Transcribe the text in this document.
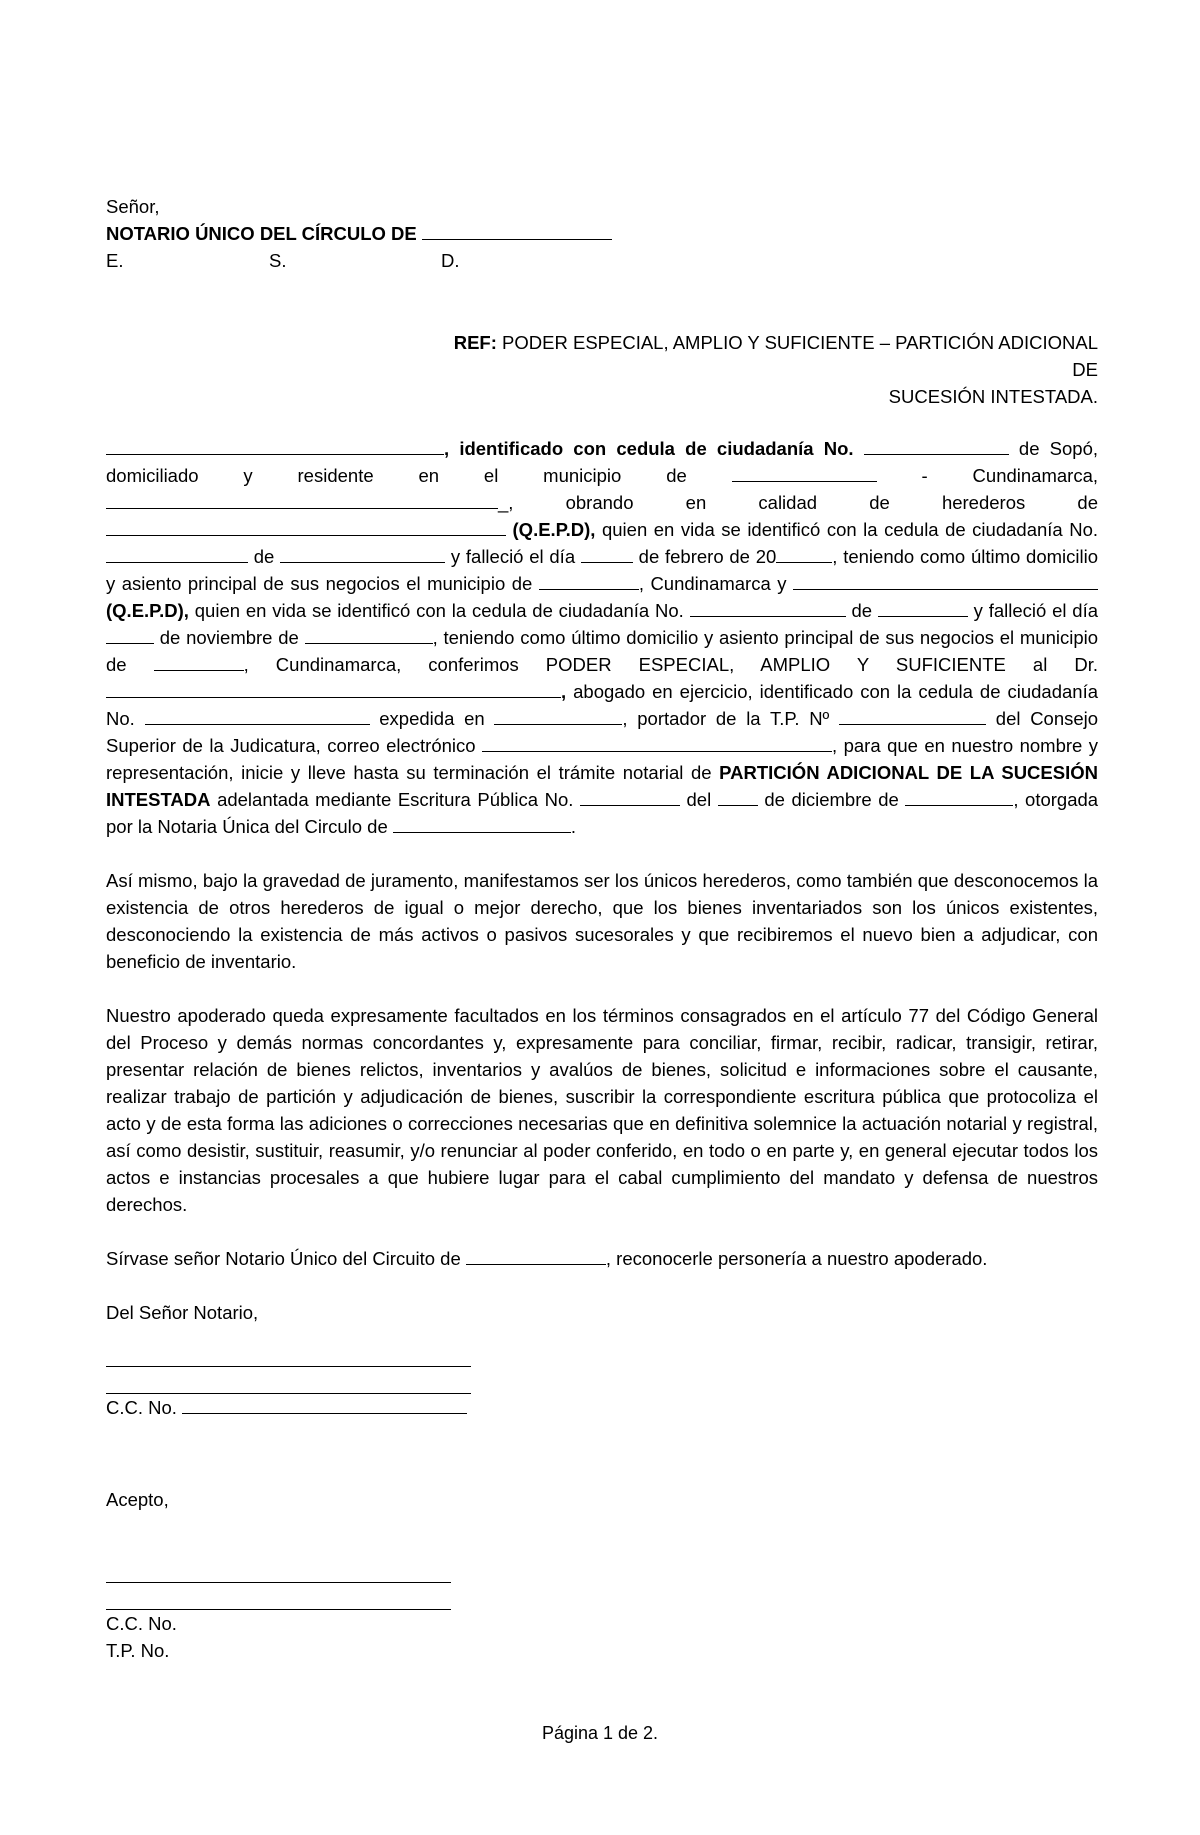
Señor,
NOTARIO ÚNICO DEL CÍRCULO DE
E.	S.	D.
REF: PODER ESPECIAL, AMPLIO Y SUFICIENTE – PARTICIÓN ADICIONAL DE
SUCESIÓN INTESTADA.

, identificado con cedula de ciudadanía No.	de Sopó, domiciliado y residente en el municipio de	- Cundinamarca, _, obrando en calidad de herederos de  (Q.E.P.D), quien en vida se identificó con la cedula de ciudadanía No.  de	y falleció el día	de febrero de 20	, teniendo como último domicilio y asiento principal de sus negocios el municipio de	, Cundinamarca y  (Q.E.P.D), quien en vida se identificó con la cedula de ciudadanía No.	de	y falleció el día  de noviembre de	, teniendo como último domicilio y asiento principal de sus negocios el municipio de	, Cundinamarca, conferimos PODER ESPECIAL, AMPLIO Y SUFICIENTE al Dr. , abogado en ejercicio, identificado con la cedula de ciudadanía No.	expedida en	, portador de la T.P. Nº	del Consejo Superior de la Judicatura, correo electrónico	, para que en nuestro nombre y representación, inicie y lleve hasta su terminación el trámite notarial de PARTICIÓN ADICIONAL DE LA SUCESIÓN INTESTADA adelantada mediante Escritura Pública No.	del	de diciembre de	, otorgada por la Notaria Única del Circulo de	.

Así mismo, bajo la gravedad de juramento, manifestamos ser los únicos herederos, como también que desconocemos la existencia de otros herederos de igual o mejor derecho, que los bienes inventariados son los únicos existentes, desconociendo la existencia de más activos o pasivos sucesorales y que recibiremos el nuevo bien a adjudicar, con beneficio de inventario.

Nuestro apoderado queda expresamente facultados en los términos consagrados en el artículo 77 del Código General del Proceso y demás normas concordantes y, expresamente para conciliar, firmar, recibir, radicar, transigir, retirar, presentar relación de bienes relictos, inventarios y avalúos de bienes, solicitud e informaciones sobre el causante, realizar trabajo de partición y adjudicación de bienes, suscribir la correspondiente escritura pública que protocoliza el acto y de esta forma las adiciones o correcciones necesarias que en definitiva solemnice la actuación notarial y registral, así como desistir, sustituir, reasumir, y/o renunciar al poder conferido, en todo o en parte y, en general ejecutar todos los actos e instancias procesales a que hubiere lugar para el cabal cumplimiento del mandato y defensa de nuestros derechos.

Sírvase señor Notario Único del Circuito de	, reconocerle personería a nuestro apoderado.

Del Señor Notario,

C.C. No.
Acepto,
C.C. No.
T.P. No.
Página 1 de 2.
